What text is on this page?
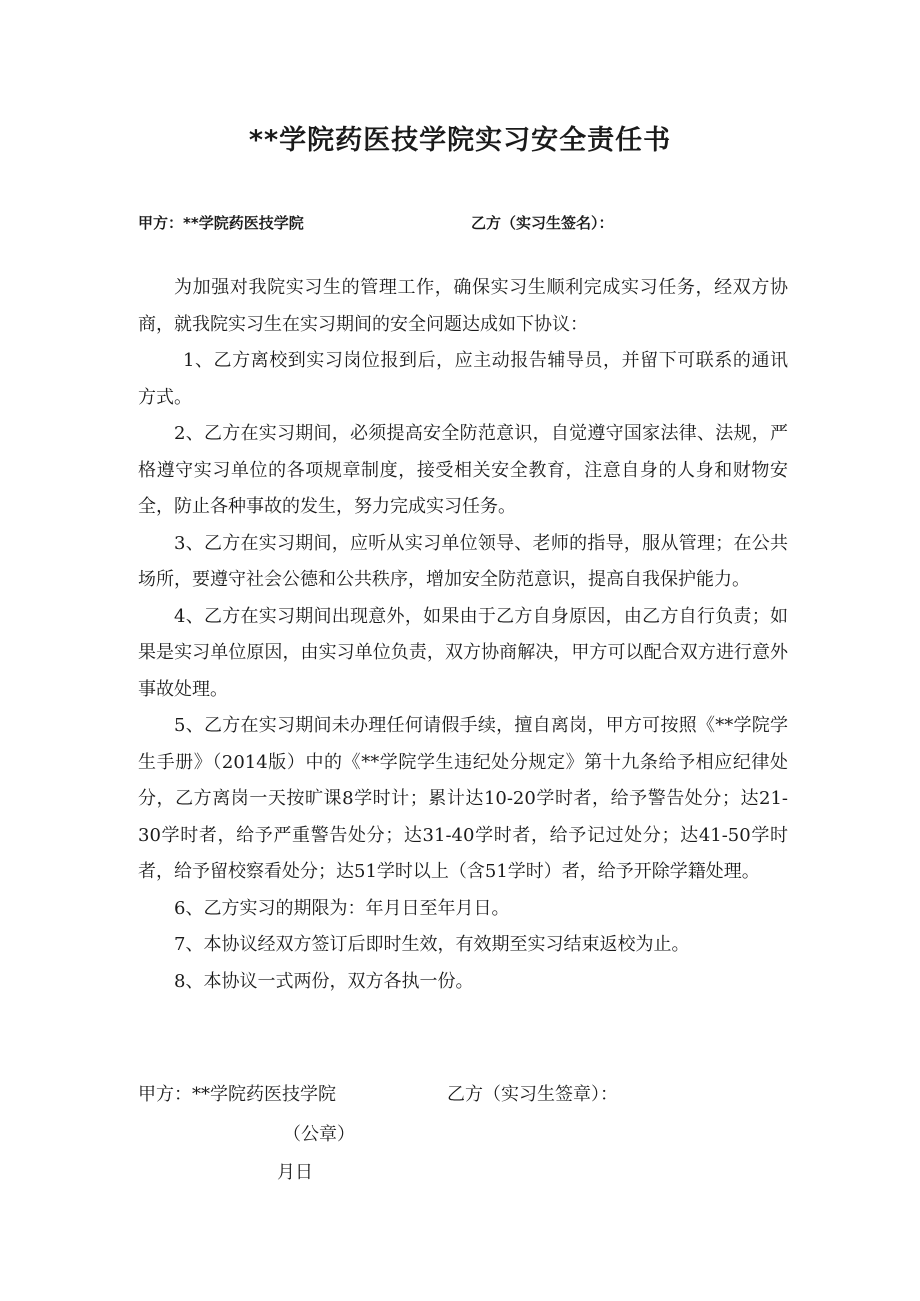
**学院药医技学院实习安全责任书
甲方：**学院药医技学院	乙方（实习生签名）：

为加强对我院实习生的管理工作，确保实习生顺利完成实习任务，经双方协商，就我院实习生在实习期间的安全问题达成如下协议：

1、乙方离校到实习岗位报到后，应主动报告辅导员，并留下可联系的通讯方式。

2、乙方在实习期间，必须提高安全防范意识，自觉遵守国家法律、法规，严格遵守实习单位的各项规章制度，接受相关安全教育，注意自身的人身和财物安全，防止各种事故的发生，努力完成实习任务。

3、乙方在实习期间，应听从实习单位领导、老师的指导，服从管理；在公共场所，要遵守社会公德和公共秩序，增加安全防范意识，提高自我保护能力。

4、乙方在实习期间出现意外，如果由于乙方自身原因，由乙方自行负责；如果是实习单位原因，由实习单位负责，双方协商解决，甲方可以配合双方进行意外事故处理。

5、乙方在实习期间未办理任何请假手续，擅自离岗，甲方可按照《**学院学生手册》（2014版）中的《**学院学生违纪处分规定》第十九条给予相应纪律处分，乙方离岗一天按旷课8学时计；累计达10-20学时者，给予警告处分；达21-30学时者，给予严重警告处分；达31-40学时者，给予记过处分；达41-50学时者，给予留校察看处分；达51学时以上（含51学时）者，给予开除学籍处理。

6、乙方实习的期限为：年月日至年月日。

7、本协议经双方签订后即时生效，有效期至实习结束返校为止。

8、本协议一式两份，双方各执一份。

甲方：**学院药医技学院	乙方（实习生签章）：
（公章）
月日
